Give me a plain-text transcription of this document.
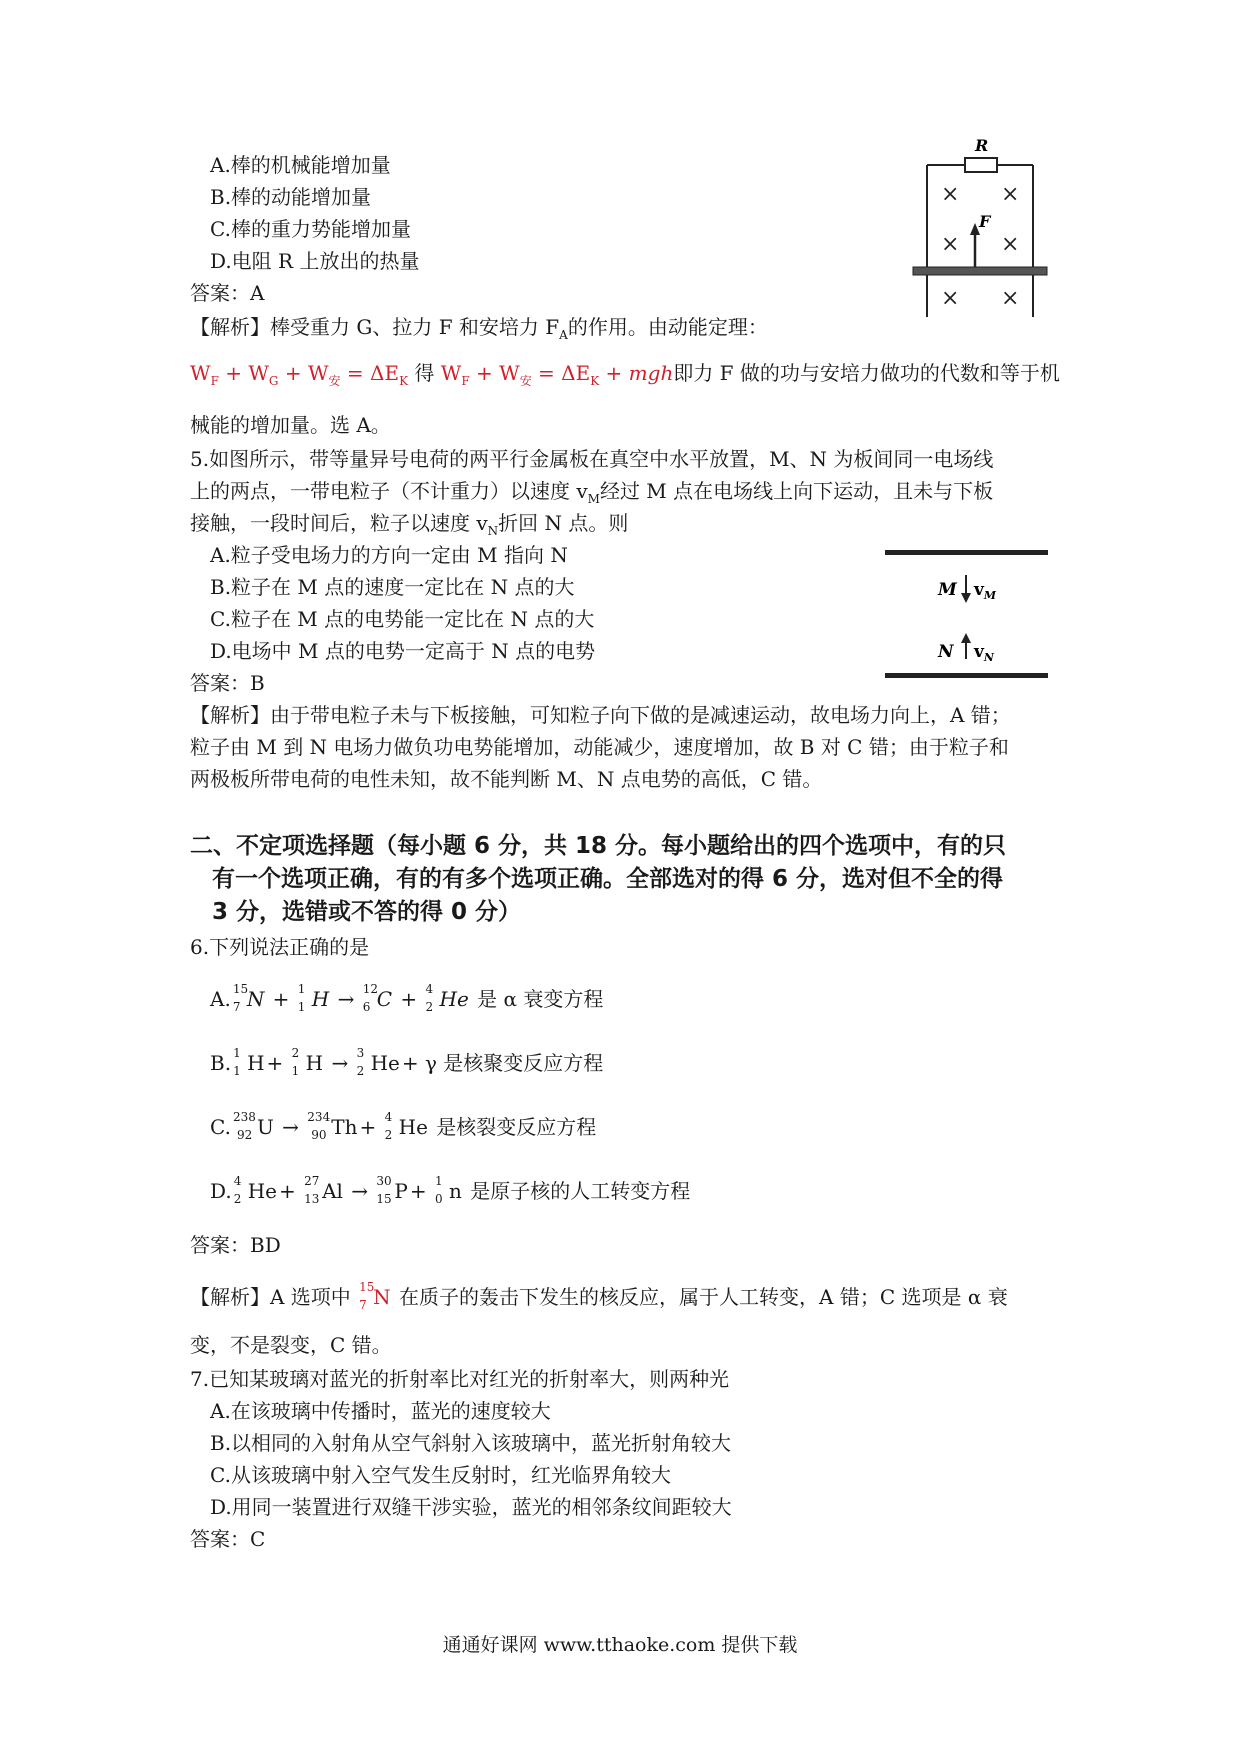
A.棒的机械能增加量
B.棒的动能增加量
C.棒的重力势能增加量
D.电阻 R 上放出的热量
答案：A
【解析】棒受重力 G、拉力 F 和安培力 $F_A$的作用。由动能定理：
$W_F + W_G + W_安 = \Delta E_K$ 得 $W_F + W_安 = \Delta E_K$ + mgh即力 F 做的功与安培力做功的代数和等于机
械能的增加量。选 A。
R
× ×
× ×
× ×
F
5.如图所示，带等量异号电荷的两平行金属板在真空中水平放置，M、N 为板间同一电场线
上的两点，一带电粒子（不计重力）以速度 $v_M$经过 M 点在电场线上向下运动，且未与下板
接触，一段时间后，粒子以速度 $v_N$折回 N 点。则
A.粒子受电场力的方向一定由 M 指向 N
B.粒子在 M 点的速度一定比在 N 点的大
C.粒子在 M 点的电势能一定比在 N 点的大
D.电场中 M 点的电势一定高于 N 点的电势
答案：B
【解析】由于带电粒子未与下板接触，可知粒子向下做的是减速运动，故电场力向上，A 错；
粒子由 M 到 N 电场力做负功电势能增加，动能减少，速度增加，故 B 对 C 错；由于粒子和
两极板所带电荷的电性未知，故不能判断 M、N 点电势的高低，C 错。
M $v_M$
N $v_N$
二、不定项选择题（每小题 6 分，共 18 分。每小题给出的四个选项中，有的只
有一个选项正确，有的有多个选项正确。全部选对的得 6 分，选对但不全的得
3 分，选错或不答的得 0 分）
6.下列说法正确的是
A. 15
7 N + 1
1 H → 12
6 C + 4
2 He 是 α 衰变方程
B. 1
1 H + 2
1 H → 3
2 He + γ 是核聚变反应方程
C. 238
92 U → 234
90 Th + 4
2 He 是核裂变反应方程
D. 4
2 He + 27
13 Al → 30
15 P + 1
0 n 是原子核的人工转变方程
答案：BD
【解析】A 选项中 15
7 N 在质子的轰击下发生的核反应，属于人工转变，A 错；C 选项是 α 衰
变，不是裂变，C 错。
7.已知某玻璃对蓝光的折射率比对红光的折射率大，则两种光
A.在该玻璃中传播时，蓝光的速度较大
B.以相同的入射角从空气斜射入该玻璃中，蓝光折射角较大
C.从该玻璃中射入空气发生反射时，红光临界角较大
D.用同一装置进行双缝干涉实验，蓝光的相邻条纹间距较大
答案：C
通通好课网 www.tthaoke.com 提供下载
